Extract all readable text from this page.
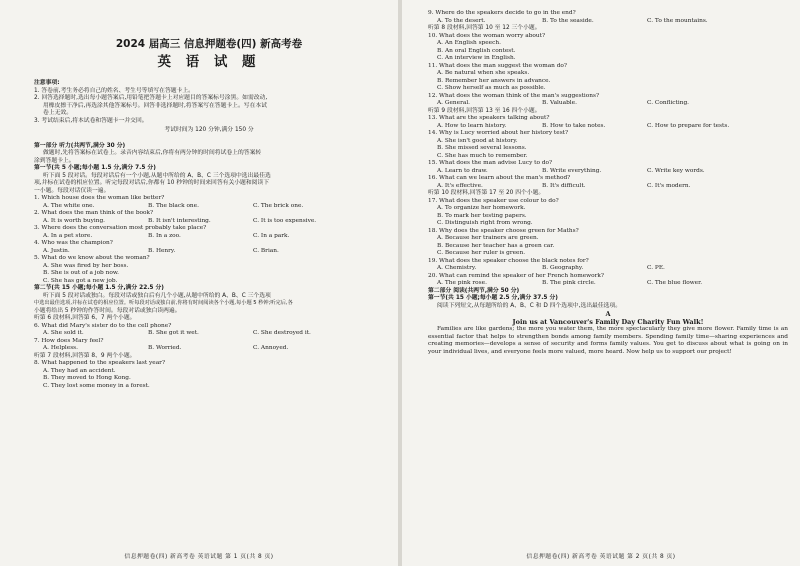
2024 届高三 信息押题卷(四) 新高考卷
英 语 试 题
注意事项:
1. 答卷前,考生务必将自己的姓名、考生号等填写在答题卡上。
2. 回答选择题时,选出每小题答案后,用铅笔把答题卡上对应题目的答案标号涂黑。如需改动,
用橡皮擦干净后,再选涂其他答案标号。回答非选择题时,将答案写在答题卡上。写在本试
卷上无效。
3. 考试结束后,将本试卷和答题卡一并交回。
考试时间为 120 分钟,满分 150 分
第一部分 听力(共两节,满分 30 分)
做题时,先将答案标在试卷上。录音内容结束后,你将有两分钟的时间将试卷上的答案转
涂到答题卡上。
第一节(共 5 小题;每小题 1.5 分,满分 7.5 分)
听下面 5 段对话。每段对话后有一个小题,从题中所给的 A、B、C 三个选项中选出最佳选
项,并标在试卷的相应位置。听完每段对话后,你都有 10 秒钟的时间来回答有关小题和阅读下
一小题。每段对话仅读一遍。
1. Which house does the woman like better?
A. The white one.	B. The black one.	C. The brick one.
2. What does the man think of the book?
A. It is worth buying.	B. It isn't interesting.	C. It is too expensive.
3. Where does the conversation most probably take place?
A. In a pet store.	B. In a zoo.	C. In a park.
4. Who was the champion?
A. Justin.	B. Henry.	C. Brian.
5. What do we know about the woman?
A. She was fired by her boss.
B. She is out of a job now.
C. She has got a new job.
第二节(共 15 小题;每小题 1.5 分,满分 22.5 分)
听下面 5 段对话或独白。每段对话或独白后有几个小题,从题中所给的 A、B、C 三个选项
中选出最佳选项,并标在试卷的相应位置。听每段对话或独白前,你将有时间阅读各个小题,每小题 5 秒钟;听完后,各
小题将给出 5 秒钟的作答时间。每段对话或独白读两遍。
听第 6 段材料,回答第 6、7 两个小题。
6. What did Mary's sister do to the cell phone?
A. She sold it.	B. She got it wet.	C. She destroyed it.
7. How does Mary feel?
A. Helpless.	B. Worried.	C. Annoyed.
听第 7 段材料,回答第 8、9 两个小题。
8. What happened to the speakers last year?
A. They had an accident.
B. They moved to Hong Kong.
C. They lost some money in a forest.
信息押题卷(四) 新高考卷 英语试题 第 1 页(共 8 页)
9. Where do the speakers decide to go in the end?
A. To the desert.	B. To the seaside.	C. To the mountains.
听第 8 段材料,回答第 10 至 12 三个小题。
10. What does the woman worry about?
A. An English speech.
B. An oral English contest.
C. An interview in English.
11. What does the man suggest the woman do?
A. Be natural when she speaks.
B. Remember her answers in advance.
C. Show herself as much as possible.
12. What does the woman think of the man's suggestions?
A. General.	B. Valuable.	C. Conflicting.
听第 9 段材料,回答第 13 至 16 四个小题。
13. What are the speakers talking about?
A. How to learn history.	B. How to take notes.	C. How to prepare for tests.
14. Why is Lucy worried about her history test?
A. She isn't good at history.
B. She missed several lessons.
C. She has much to remember.
15. What does the man advise Lucy to do?
A. Learn to draw.	B. Write everything.	C. Write key words.
16. What can we learn about the man's method?
A. It's effective.	B. It's difficult.	C. It's modern.
听第 10 段材料,回答第 17 至 20 四个小题。
17. What does the speaker use colour to do?
A. To organize her homework.
B. To mark her testing papers.
C. Distinguish right from wrong.
18. Why does the speaker choose green for Maths?
A. Because her trainers are green.
B. Because her teacher has a green car.
C. Because her ruler is green.
19. What does the speaker choose the black notes for?
A. Chemistry.	B. Geography.	C. PE.
20. What can remind the speaker of her French homework?
A. The pink rose.	B. The pink circle.	C. The blue flower.
第二部分 阅读(共两节,满分 50 分)
第一节(共 15 小题;每小题 2.5 分,满分 37.5 分)
阅读下列短文,从每题所给的 A、B、C 和 D 四个选项中,选出最佳选项。
A
Join us at Vancouver's Family Day Charity Fun Walk!

Families are like gardens; the more you water them, the more spectacularly they give more flower. Family time is an essential factor that helps to strengthen bonds among family members. Spending family time—sharing experiences and creating memories—develops a sense of security and forms family values. You get to discuss about what is going on in your individual lives, and everyone feels more valued, more heard. Now help us to support our project!

信息押题卷(四) 新高考卷 英语试题 第 2 页(共 8 页)
